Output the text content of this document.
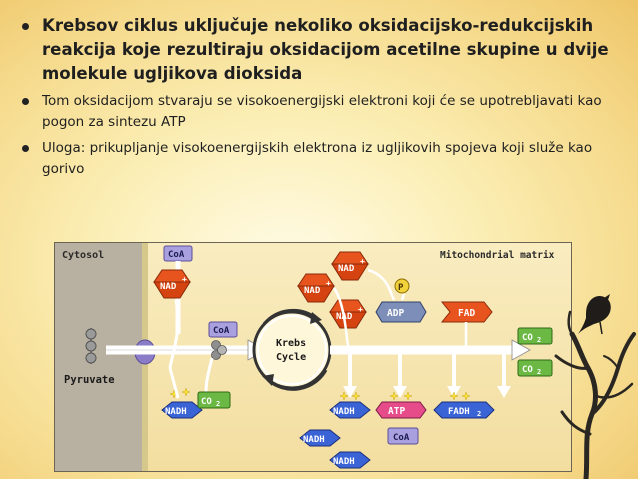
Krebsov ciklus uključuje nekoliko oksidacijsko-redukcijskih reakcija koje rezultiraju oksidacijom acetilne skupine u dvije molekule ugljikova dioksida
Tom oksidacijom stvaraju se visokoenergijski elektroni koji će se upotrebljavati kao pogon za sintezu ATP
Uloga: prikupljanje visokoenergijskih elektrona iz ugljikovih spojeva koji služe kao gorivo
Cytosol	Mitochondrial matrix
Pyruvate
CoA
NAD
+
NADH
CoA
CO 2
Krebs
Cycle
NAD
+
NAD
+
NAD
+
P
ADP	FAD
CO 2
CO 2
NADH
NADH
NADH
ATP
CoA
FADH 2
